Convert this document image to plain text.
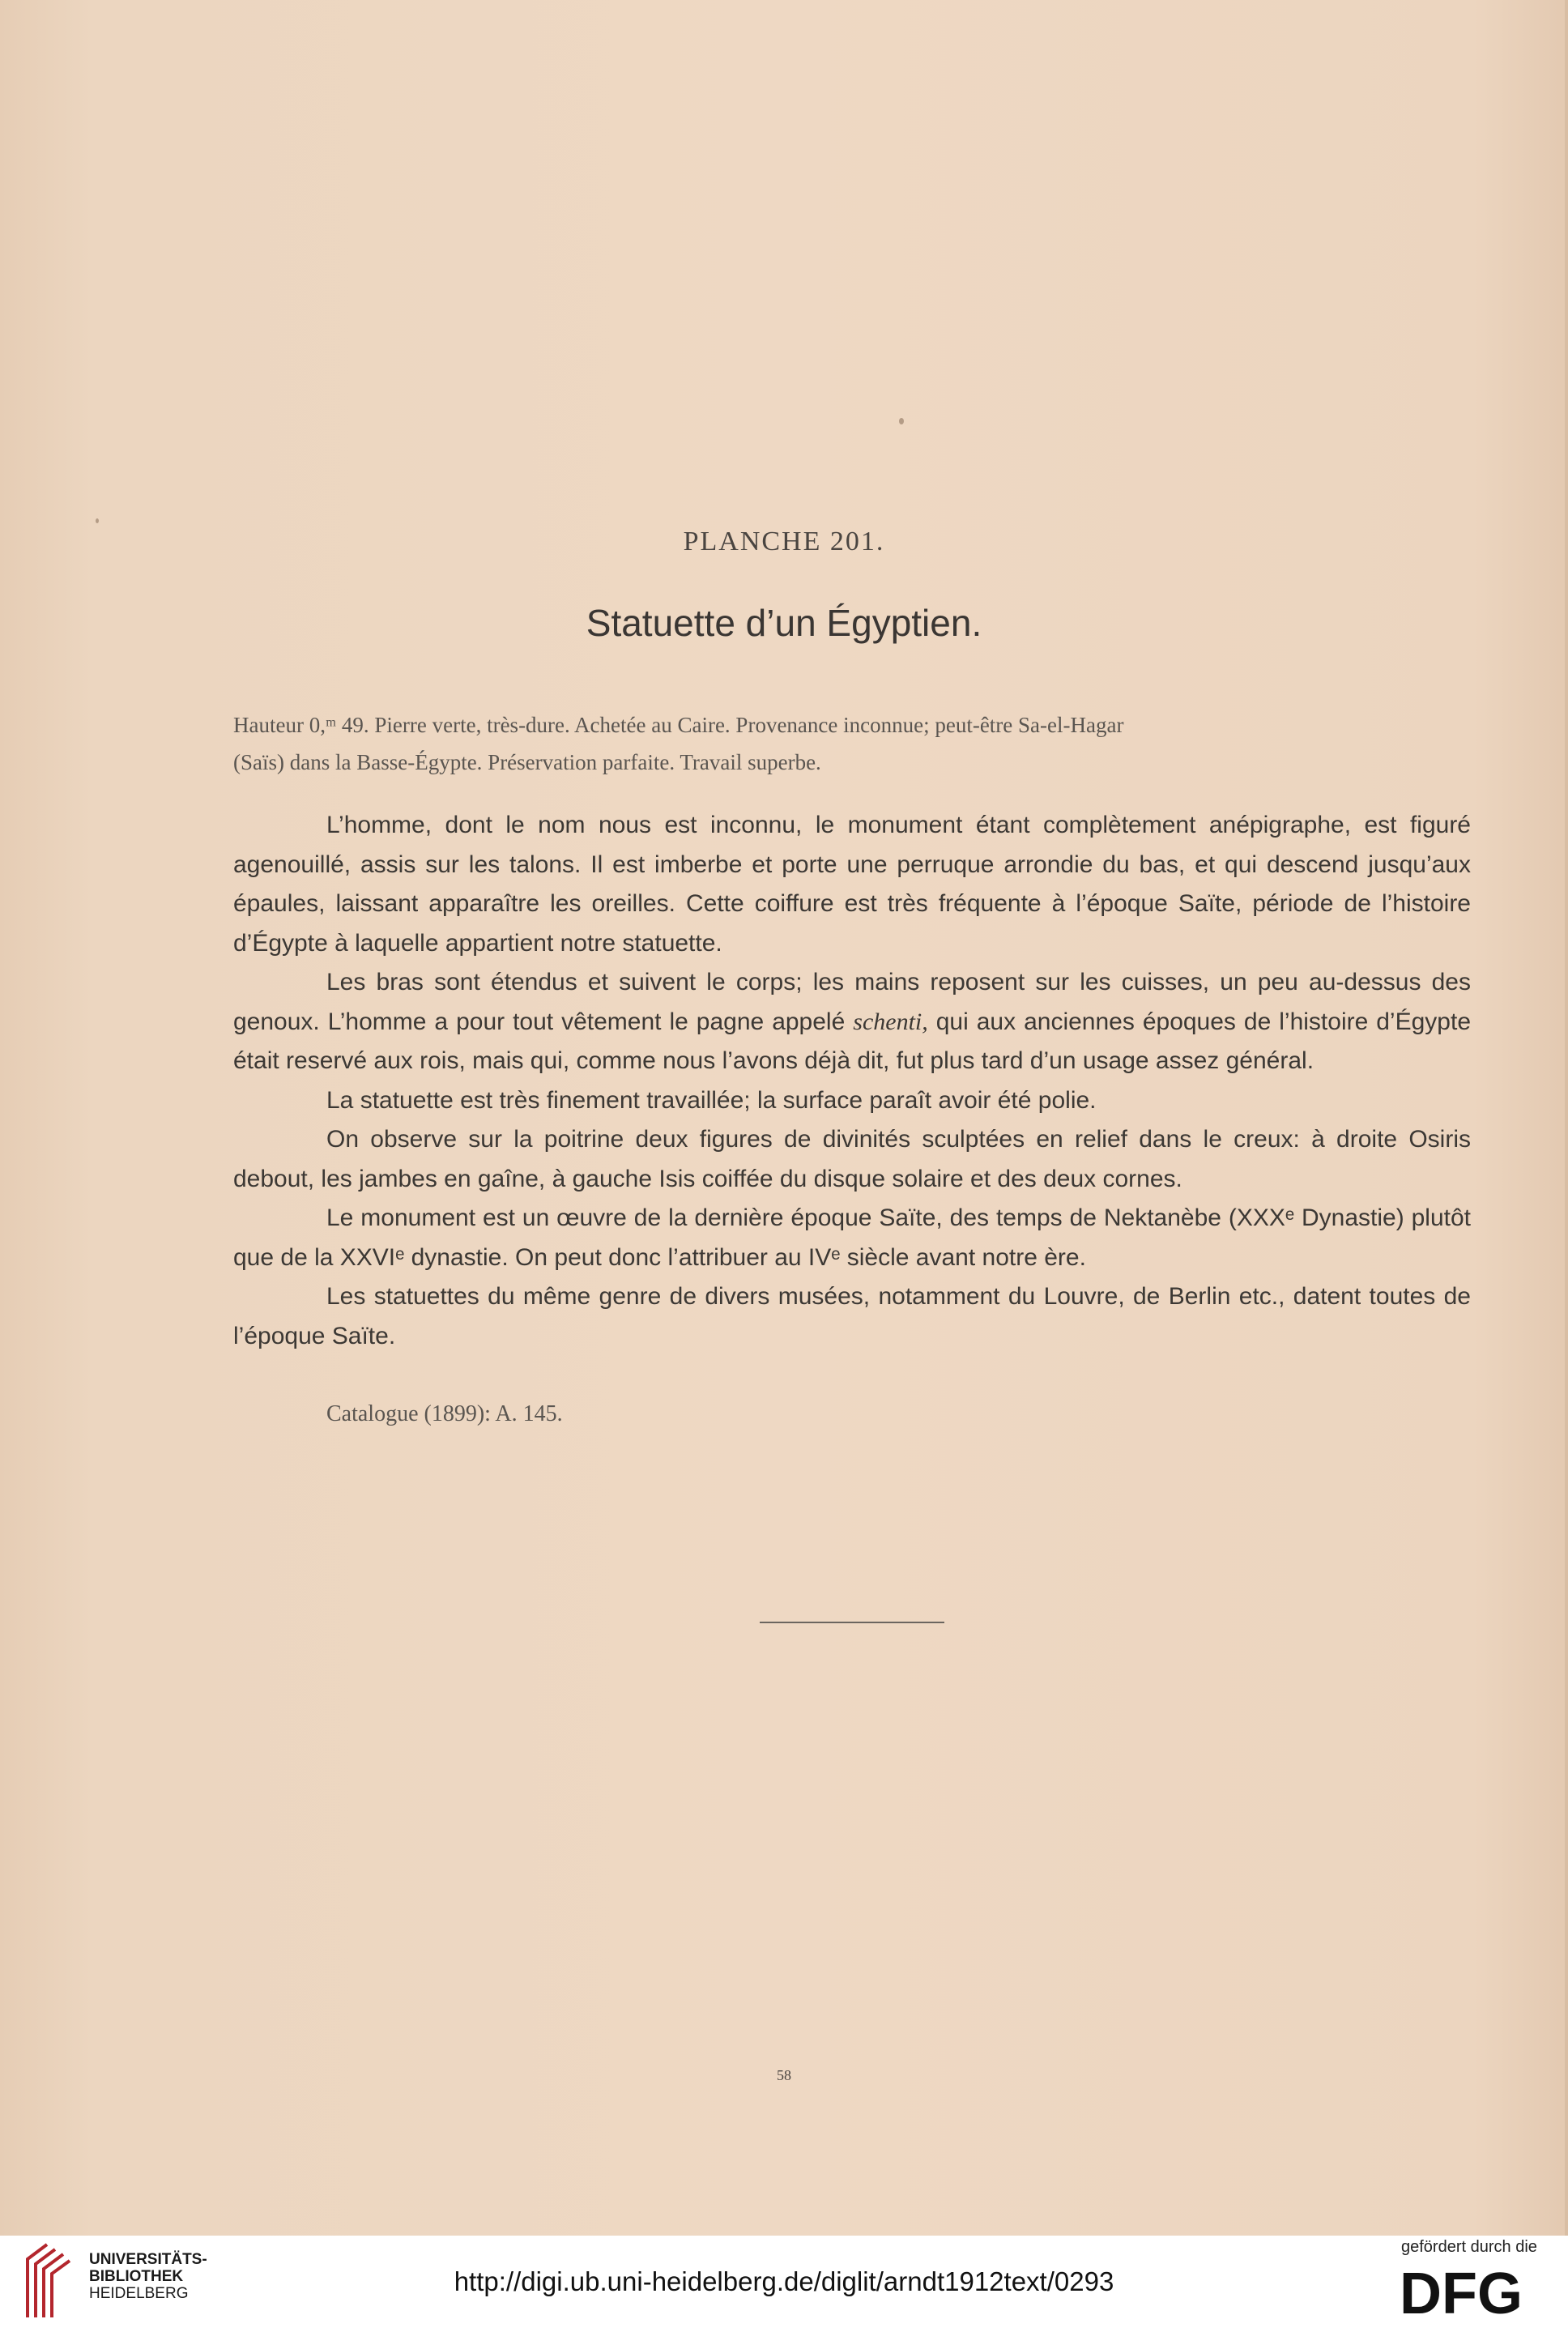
PLANCHE 201.
Statuette d’un Égyptien.

Hauteur 0,ᵐ 49. Pierre verte, très-dure. Achetée au Caire. Provenance inconnue; peut-être Sa-el-Hagar

(Saïs) dans la Basse-Égypte. Préservation parfaite. Travail superbe.

L’homme, dont le nom nous est inconnu, le monument étant complètement anépigraphe, est figuré agenouillé, assis sur les talons. Il est imberbe et porte une perruque arrondie du bas, et qui descend jusqu’aux épaules, laissant apparaître les oreilles. Cette coiffure est très fréquente à l’époque Saïte, période de l’histoire d’Égypte à laquelle appartient notre statuette.

Les bras sont étendus et suivent le corps; les mains reposent sur les cuisses, un peu au-dessus des genoux. L’homme a pour tout vêtement le pagne appelé schenti, qui aux anciennes époques de l’histoire d’Égypte était reservé aux rois, mais qui, comme nous l’avons déjà dit, fut plus tard d’un usage assez général.

La statuette est très finement travaillée; la surface paraît avoir été polie.

On observe sur la poitrine deux figures de divinités sculptées en relief dans le creux: à droite Osiris debout, les jambes en gaîne, à gauche Isis coiffée du disque solaire et des deux cornes.

Le monument est un œuvre de la dernière époque Saïte, des temps de Nektanèbe (XXXᵉ Dynastie) plutôt que de la XXVIᵉ dynastie. On peut donc l’attribuer au IVᵉ siècle avant notre ère.

Les statuettes du même genre de divers musées, notamment du Louvre, de Berlin etc., datent toutes de l’époque Saïte.

Catalogue (1899): A. 145.
58
UNIVERSITÄTS-
BIBLIOTHEK
HEIDELBERG	http://digi.ub.uni-heidelberg.de/diglit/arndt1912text/0293
gefördert durch die
DFG
